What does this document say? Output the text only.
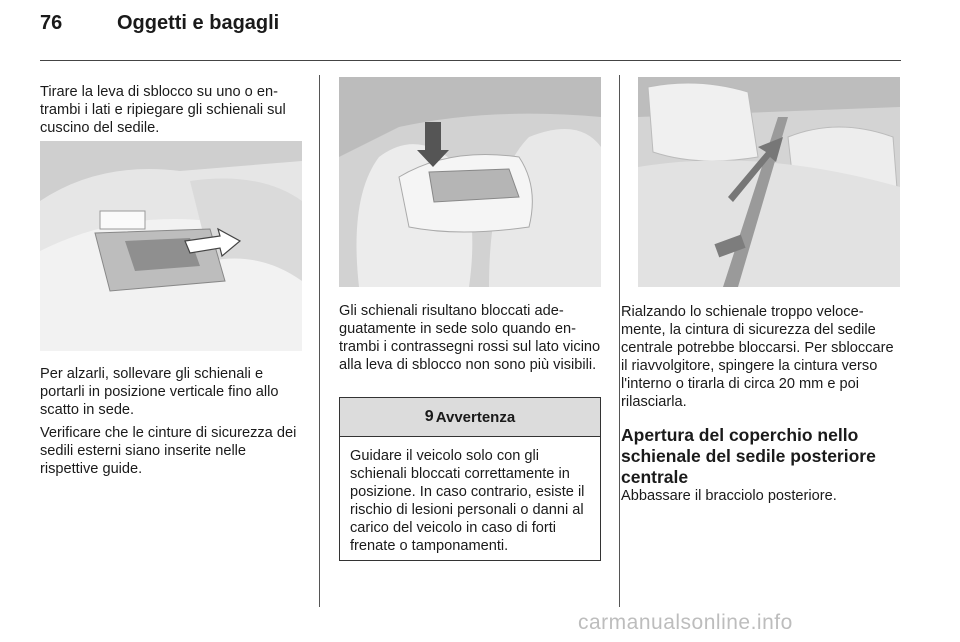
76	Oggetti e bagagli

Tirare la leva di sblocco su uno o entrambi i lati e ripiegare gli schienali sul cuscino del sedile.

Per alzarli, sollevare gli schienali e portarli in posizione verticale fino allo scatto in sede.

Verificare che le cinture di sicurezza dei sedili esterni siano inserite nelle rispettive guide.

Gli schienali risultano bloccati adeguatamente in sede solo quando entrambi i contrassegni rossi sul lato vicino alla leva di sblocco non sono più visibili.

9 Avvertenza
Guidare il veicolo solo con gli schienali bloccati correttamente in posizione. In caso contrario, esiste il rischio di lesioni personali o danni al carico del veicolo in caso di forti frenate o tamponamenti.

Rialzando lo schienale troppo velocemente, la cintura di sicurezza del sedile centrale potrebbe bloccarsi. Per sbloccare il riavvolgitore, spingere la cintura verso l'interno o tirarla di circa 20 mm e poi rilasciarla.

Apertura del coperchio nello schienale del sedile posteriore centrale

Abbassare il bracciolo posteriore.

carmanualsonline.info
